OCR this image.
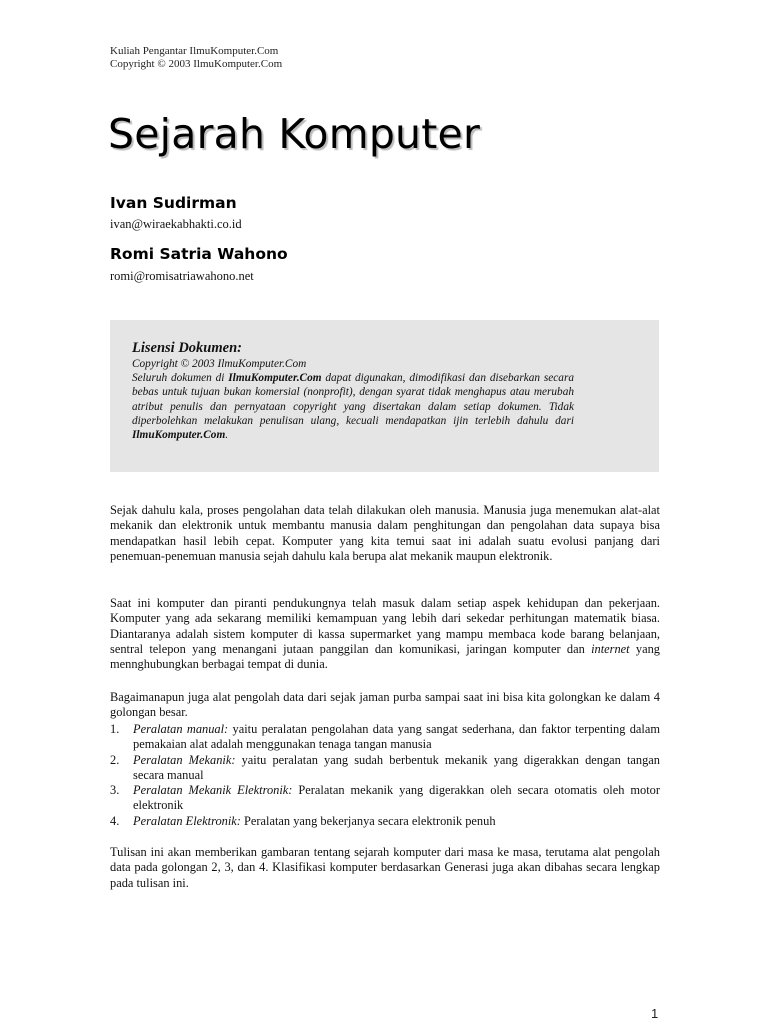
Kuliah Pengantar IlmuKomputer.Com
Copyright © 2003 IlmuKomputer.Com
Sejarah Komputer
Ivan Sudirman
ivan@wiraekabhakti.co.id
Romi Satria Wahono
romi@romisatriawahono.net
Lisensi Dokumen:
Copyright © 2003 IlmuKomputer.Com
Seluruh dokumen di IlmuKomputer.Com dapat digunakan, dimodifikasi dan disebarkan secara bebas untuk tujuan bukan komersial (nonprofit), dengan syarat tidak menghapus atau merubah atribut penulis dan pernyataan copyright yang disertakan dalam setiap dokumen. Tidak diperbolehkan melakukan penulisan ulang, kecuali mendapatkan ijin terlebih dahulu dari IlmuKomputer.Com.

Sejak dahulu kala, proses pengolahan data telah dilakukan oleh manusia. Manusia juga menemukan alat-alat mekanik dan elektronik untuk membantu manusia dalam penghitungan dan pengolahan data supaya bisa mendapatkan hasil lebih cepat. Komputer yang kita temui saat ini adalah suatu evolusi panjang dari penemuan-penemuan manusia sejah dahulu kala berupa alat mekanik maupun elektronik.

Saat ini komputer dan piranti pendukungnya telah masuk dalam setiap aspek kehidupan dan pekerjaan. Komputer yang ada sekarang memiliki kemampuan yang lebih dari sekedar perhitungan matematik biasa. Diantaranya adalah sistem komputer di kassa supermarket yang mampu membaca kode barang belanjaan, sentral telepon yang menangani jutaan panggilan dan komunikasi, jaringan komputer dan internet yang mennghubungkan berbagai tempat di dunia.

Bagaimanapun juga alat pengolah data dari sejak jaman purba sampai saat ini bisa kita golongkan ke dalam 4 golongan besar.

1. Peralatan manual: yaitu peralatan pengolahan data yang sangat sederhana, dan faktor terpenting dalam pemakaian alat adalah menggunakan tenaga tangan manusia
2. Peralatan Mekanik: yaitu peralatan yang sudah berbentuk mekanik yang digerakkan dengan tangan secara manual
3. Peralatan Mekanik Elektronik: Peralatan mekanik yang digerakkan oleh secara otomatis oleh motor elektronik
4. Peralatan Elektronik: Peralatan yang bekerjanya secara elektronik penuh

Tulisan ini akan memberikan gambaran tentang sejarah komputer dari masa ke masa, terutama alat pengolah data pada golongan 2, 3, dan 4. Klasifikasi komputer berdasarkan Generasi juga akan dibahas secara lengkap pada tulisan ini.

1
